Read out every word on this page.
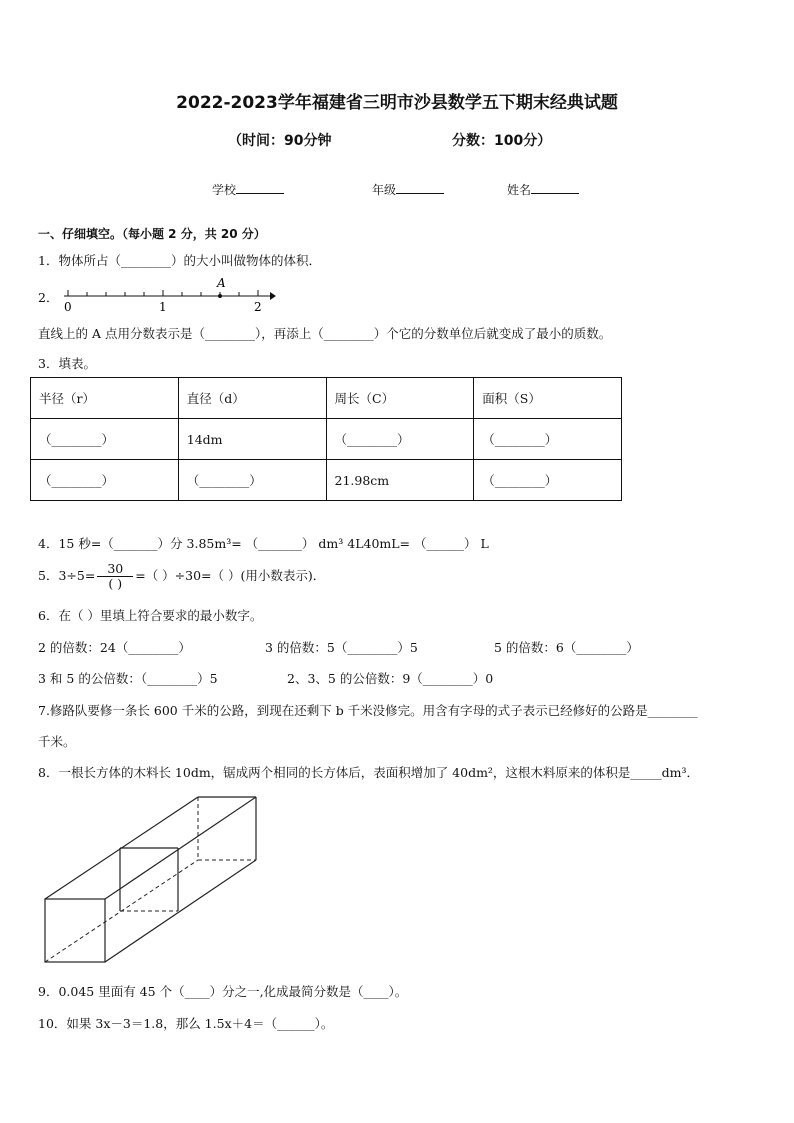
2022-2023学年福建省三明市沙县数学五下期末经典试题
（时间：90分钟	分数：100分）
学校	年级	姓名
一、仔细填空。（每小题 2 分，共 20 分）
1．物体所占（________）的大小叫做物体的体积．
2．
A
0	1	2
直线上的 A 点用分数表示是（________），再添上（________）个它的分数单位后就变成了最小的质数。
3．填表。
半径（r）	直径（d）	周长（C）	面积（S）
（________）	14dm	（________）	（________）
（________）	（________）	21.98cm	（________）
4．15 秒=（_______）分 3.85m³= （_______） dm³ 4L40mL= （______） L
5．$3\div 5= \frac{30}{( )}$ =（ ）÷30=（ ）(用小数表示)．
6．在（ ）里填上符合要求的最小数字。
2 的倍数：24（________）	3 的倍数：5（________）5	5 的倍数：6（________）
3 和 5 的公倍数：（________）5	2、3、5 的公倍数：9（________）0
7.修路队要修一条长 600 千米的公路，到现在还剩下 b 千米没修完。用含有字母的式子表示已经修好的公路是________
千米。
8．一根长方体的木料长 10dm，锯成两个相同的长方体后，表面积增加了 40dm²，这根木料原来的体积是_____dm³．
9．0.045 里面有 45 个（____）分之一,化成最简分数是（____）。
10．如果 3x－3＝1.8，那么 1.5x＋4＝（______）。
